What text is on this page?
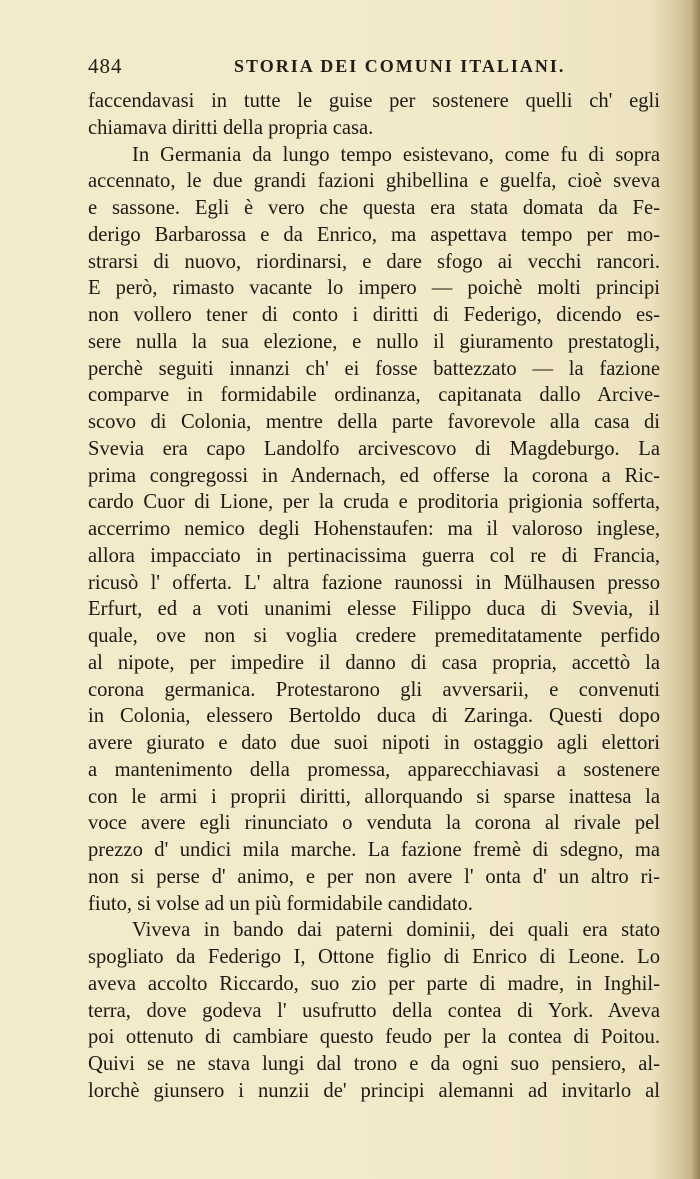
484	STORIA DEI COMUNI ITALIANI.

faccendavasi in tutte le guise per sostenere quelli ch' egli
chiamava diritti della propria casa.

In Germania da lungo tempo esistevano, come fu di sopra
accennato, le due grandi fazioni ghibellina e guelfa, cioè sveva
e sassone. Egli è vero che questa era stata domata da Fe-
derigo Barbarossa e da Enrico, ma aspettava tempo per mo-
strarsi di nuovo, riordinarsi, e dare sfogo ai vecchi rancori.
E però, rimasto vacante lo impero — poichè molti principi
non vollero tener di conto i diritti di Federigo, dicendo es-
sere nulla la sua elezione, e nullo il giuramento prestatogli,
perchè seguiti innanzi ch' ei fosse battezzato — la fazione
comparve in formidabile ordinanza, capitanata dallo Arcive-
scovo di Colonia, mentre della parte favorevole alla casa di
Svevia era capo Landolfo arcivescovo di Magdeburgo. La
prima congregossi in Andernach, ed offerse la corona a Ric-
cardo Cuor di Lione, per la cruda e proditoria prigionia sofferta,
accerrimo nemico degli Hohenstaufen: ma il valoroso inglese,
allora impacciato in pertinacissima guerra col re di Francia,
ricusò l' offerta. L' altra fazione raunossi in Mülhausen presso
Erfurt, ed a voti unanimi elesse Filippo duca di Svevia, il
quale, ove non si voglia credere premeditatamente perfido
al nipote, per impedire il danno di casa propria, accettò la
corona germanica. Protestarono gli avversarii, e convenuti
in Colonia, elessero Bertoldo duca di Zaringa. Questi dopo
avere giurato e dato due suoi nipoti in ostaggio agli elettori
a mantenimento della promessa, apparecchiavasi a sostenere
con le armi i proprii diritti, allorquando si sparse inattesa la
voce avere egli rinunciato o venduta la corona al rivale pel
prezzo d' undici mila marche. La fazione fremè di sdegno, ma
non si perse d' animo, e per non avere l' onta d' un altro ri-
fiuto, si volse ad un più formidabile candidato.

Viveva in bando dai paterni dominii, dei quali era stato
spogliato da Federigo I, Ottone figlio di Enrico di Leone. Lo
aveva accolto Riccardo, suo zio per parte di madre, in Inghil-
terra, dove godeva l' usufrutto della contea di York. Aveva
poi ottenuto di cambiare questo feudo per la contea di Poitou.
Quivi se ne stava lungi dal trono e da ogni suo pensiero, al-
lorchè giunsero i nunzii de' principi alemanni ad invitarlo al
